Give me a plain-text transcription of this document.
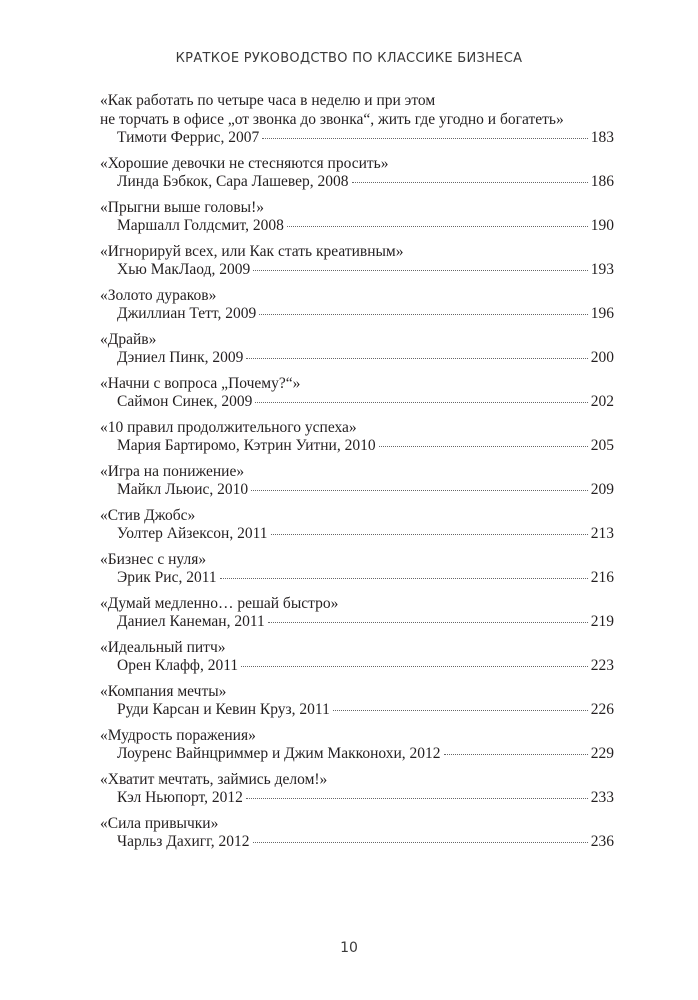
КРАТКОЕ РУКОВОДСТВО ПО КЛАССИКЕ БИЗНЕСА
«Как работать по четыре часа в неделю и при этом
не торчать в офисе „от звонка до звонка“, жить где угодно и богатеть»
Тимоти Феррис, 2007	183
«Хорошие девочки не стесняются просить»
Линда Бэбкок, Сара Лашевер, 2008	186
«Прыгни выше головы!»
Маршалл Голдсмит, 2008	190
«Игнорируй всех, или Как стать креативным»
Хью МакЛаод, 2009	193
«Золото дураков»
Джиллиан Тетт, 2009	196
«Драйв»
Дэниел Пинк, 2009	200
«Начни с вопроса „Почему?“»
Саймон Синек, 2009	202
«10 правил продолжительного успеха»
Мария Бартиромо, Кэтрин Уитни, 2010	205
«Игра на понижение»
Майкл Льюис, 2010	209
«Стив Джобс»
Уолтер Айзексон, 2011	213
«Бизнес с нуля»
Эрик Рис, 2011	216
«Думай медленно… решай быстро»
Даниел Канеман, 2011	219
«Идеальный питч»
Орен Клафф, 2011	223
«Компания мечты»
Руди Карсан и Кевин Круз, 2011	226
«Мудрость поражения»
Лоуренс Вайнцриммер и Джим Макконохи, 2012	229
«Хватит мечтать, займись делом!»
Кэл Ньюпорт, 2012	233
«Сила привычки»
Чарльз Дахигг, 2012	236
10
